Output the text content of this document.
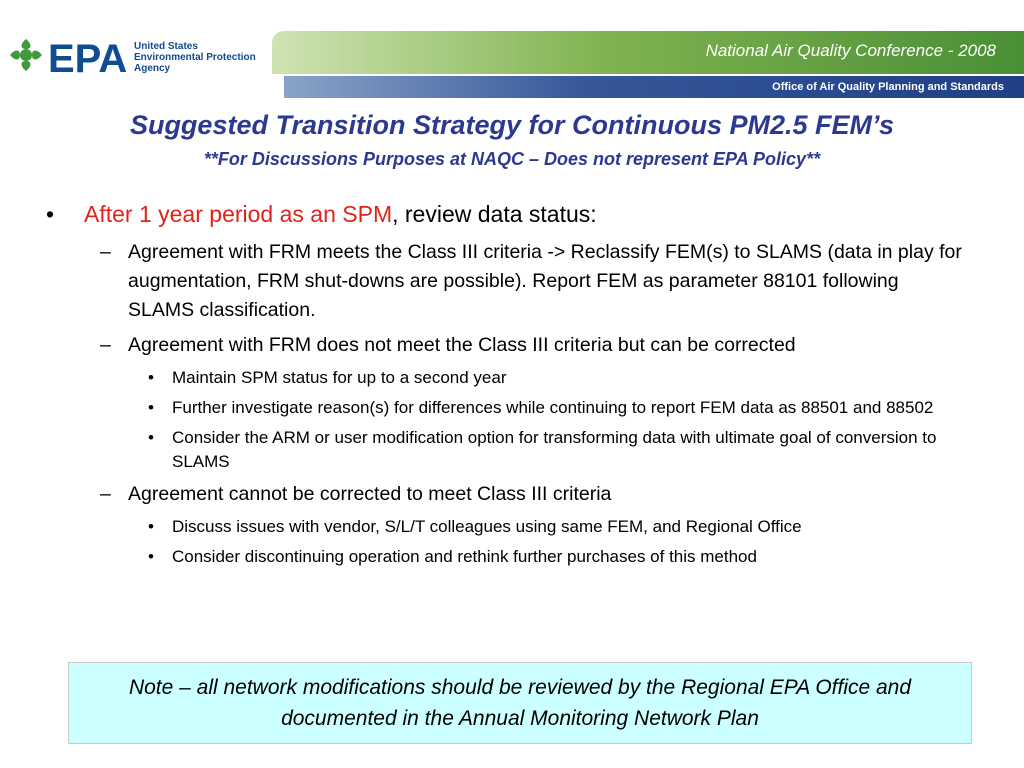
EPA United States
Environmental Protection
Agency
National Air Quality Conference - 2008
Office of Air Quality Planning and Standards
Suggested Transition Strategy for Continuous PM2.5 FEM’s
**For Discussions Purposes at NAQC – Does not represent EPA Policy**
• After 1 year period as an SPM, review data status:
– Agreement with FRM meets the Class III criteria -> Reclassify FEM(s) to SLAMS (data in play for augmentation, FRM shut-downs are possible). Report FEM as parameter 88101 following SLAMS classification.
– Agreement with FRM does not meet the Class III criteria but can be corrected
• Maintain SPM status for up to a second year
• Further investigate reason(s) for differences while continuing to report FEM data as 88501 and 88502
• Consider the ARM or user modification option for transforming data with ultimate goal of conversion to SLAMS
– Agreement cannot be corrected to meet Class III criteria
• Discuss issues with vendor, S/L/T colleagues using same FEM, and Regional Office
• Consider discontinuing operation and rethink further purchases of this method
Note – all network modifications should be reviewed by the Regional EPA Office and documented in the Annual Monitoring Network Plan
